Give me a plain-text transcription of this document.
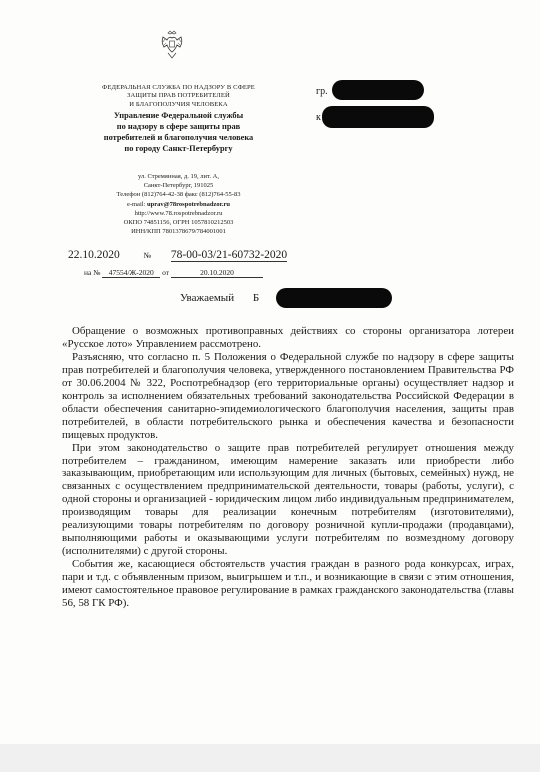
ФЕДЕРАЛЬНАЯ СЛУЖБА ПО НАДЗОРУ В СФЕРЕ
ЗАЩИТЫ ПРАВ ПОТРЕБИТЕЛЕЙ
И БЛАГОПОЛУЧИЯ ЧЕЛОВЕКА
Управление Федеральной службы
по надзору в сфере защиты прав
потребителей и благополучия человека
по городу Санкт-Петербургу
ул. Стремянная, д. 19, лит. А,
Санкт-Петербург, 191025
Телефон (812)764-42-38 факс (812)764-55-83
e-mail: uprav@78rospotrebnadzor.ru
http://www.78.rospotrebnadzor.ru
ОКПО 74851156, ОГРН 1057810212503
ИНН/КПП 7801378679/784001001
гр.
к
22.10.2020	№ 78-00-03/21-60732-2020
на № 47554/Ж-2020 от	20.10.2020
Уважаемый Б

Обращение о возможных противоправных действиях со стороны организатора лотереи «Русское лото» Управлением рассмотрено.

Разъясняю, что согласно п. 5 Положения о Федеральной службе по надзору в сфере защиты прав потребителей и благополучия человека, утвержденного постановлением Правительства РФ от 30.06.2004 № 322, Роспотребнадзор (его территориальные органы) осуществляет надзор и контроль за исполнением обязательных требований законодательства Российской Федерации в области обеспечения санитарно-эпидемиологического благополучия населения, защиты прав потребителей, в области потребительского рынка и обеспечения качества и безопасности пищевых продуктов.

При этом законодательство о защите прав потребителей регулирует отношения между потребителем – гражданином, имеющим намерение заказать или приобрести либо заказывающим, приобретающим или использующим для личных (бытовых, семейных) нужд, не связанных с осуществлением предпринимательской деятельности, товары (работы, услуги), с одной стороны и организацией - юридическим лицом либо индивидуальным предпринимателем, производящим товары для реализации конечным потребителям (изготовителями), реализующими товары потребителям по договору розничной купли-продажи (продавцами), выполняющими работы и оказывающими услуги потребителям по возмездному договору (исполнителями) с другой стороны.

События же, касающиеся обстоятельств участия граждан в разного рода конкурсах, играх, пари и т.д. с объявленным призом, выигрышем и т.п., и возникающие в связи с этим отношения, имеют самостоятельное правовое регулирование в рамках гражданского законодательства (главы 56, 58 ГК РФ).
